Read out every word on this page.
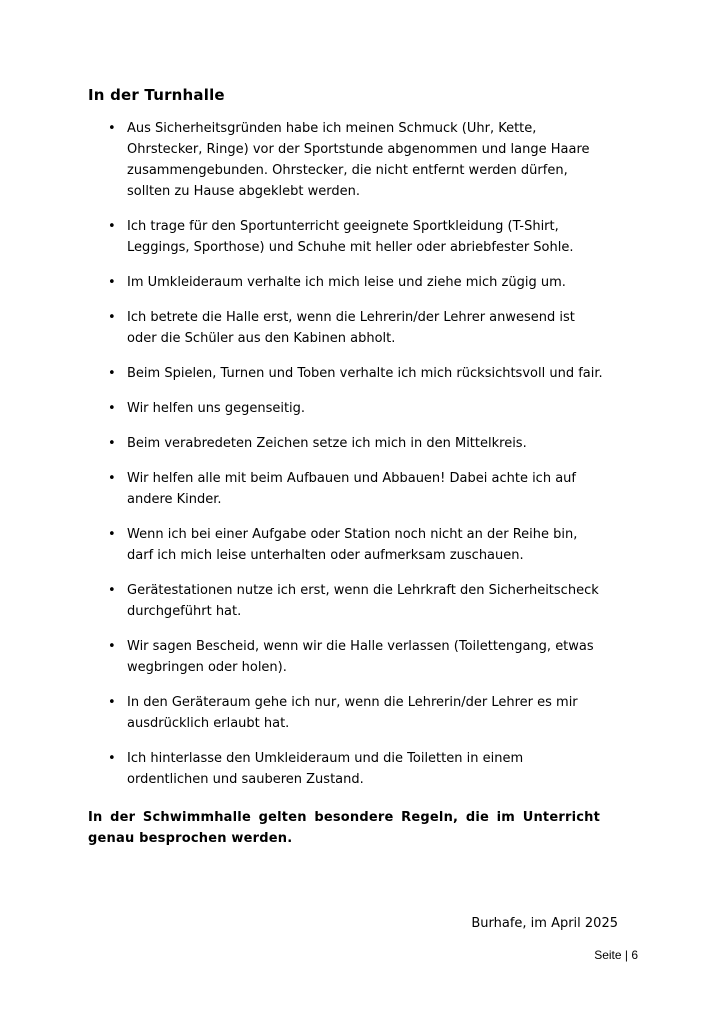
In der Turnhalle
• Aus Sicherheitsgründen habe ich meinen Schmuck (Uhr, Kette, Ohrstecker, Ringe) vor der Sportstunde abgenommen und lange Haare zusammengebunden. Ohrstecker, die nicht entfernt werden dürfen, sollten zu Hause abgeklebt werden.
• Ich trage für den Sportunterricht geeignete Sportkleidung (T-Shirt, Leggings, Sporthose) und Schuhe mit heller oder abriebfester Sohle.
• Im Umkleideraum verhalte ich mich leise und ziehe mich zügig um.
• Ich betrete die Halle erst, wenn die Lehrerin/der Lehrer anwesend ist oder die Schüler aus den Kabinen abholt.
• Beim Spielen, Turnen und Toben verhalte ich mich rücksichtsvoll und fair.
• Wir helfen uns gegenseitig.
• Beim verabredeten Zeichen setze ich mich in den Mittelkreis.
• Wir helfen alle mit beim Aufbauen und Abbauen! Dabei achte ich auf andere Kinder.
• Wenn ich bei einer Aufgabe oder Station noch nicht an der Reihe bin, darf ich mich leise unterhalten oder aufmerksam zuschauen.
• Gerätestationen nutze ich erst, wenn die Lehrkraft den Sicherheitscheck durchgeführt hat.
• Wir sagen Bescheid, wenn wir die Halle verlassen (Toilettengang, etwas wegbringen oder holen).
• In den Geräteraum gehe ich nur, wenn die Lehrerin/der Lehrer es mir ausdrücklich erlaubt hat.
• Ich hinterlasse den Umkleideraum und die Toiletten in einem ordentlichen und sauberen Zustand.

In der Schwimmhalle gelten besondere Regeln, die im Unterricht genau besprochen werden.

Burhafe, im April 2025

Seite | 6
